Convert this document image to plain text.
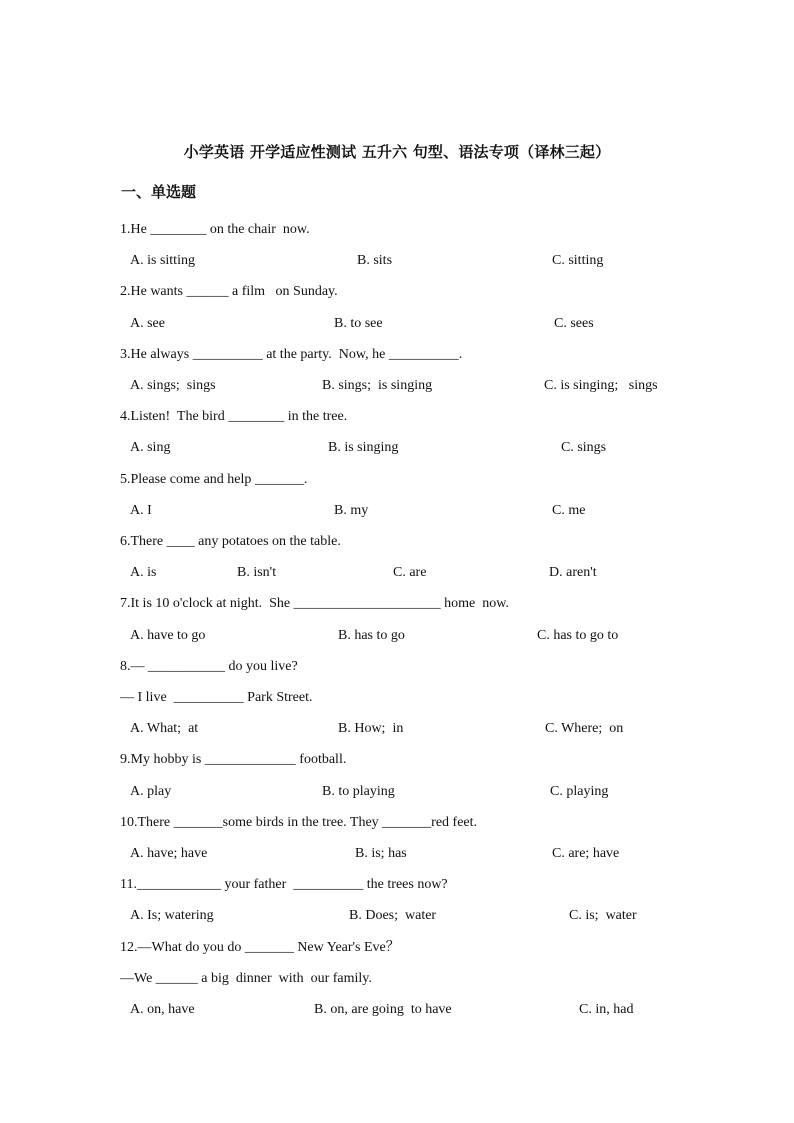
小学英语 开学适应性测试 五升六 句型、语法专项（译林三起）
一、单选题
1.He ________ on the chair  now.
A. is sitting	B. sits	C. sitting
2.He wants ______ a film   on Sunday.
A. see	B. to see	C. sees
3.He always __________ at the party.  Now, he __________.
A. sings;  sings	B. sings;  is singing	C. is singing;   sings
4.Listen!  The bird ________ in the tree.
A. sing	B. is singing	C. sings
5.Please come and help _______.
A. I	B. my	C. me
6.There ____ any potatoes on the table.
A. is	B. isn't	C. are	D. aren't
7.It is 10 o'clock at night.  She _____________________ home  now.
A. have to go	B. has to go	C. has to go to
8.— ___________ do you live?
— I live  __________ Park Street.
A. What;  at	B. How;  in	C. Where;  on
9.My hobby is _____________ football.
A. play	B. to playing	C. playing
10.There _______some birds in the tree. They _______red feet.
A. have; have	B. is; has	C. are; have
11.____________ your father  __________ the trees now?
A. Is; watering	B. Does;  water	C. is;  water
12.—What do you do _______ New Year's Eve？
—We ______ a big  dinner  with  our family.
A. on, have	B. on, are going  to have	C. in, had
